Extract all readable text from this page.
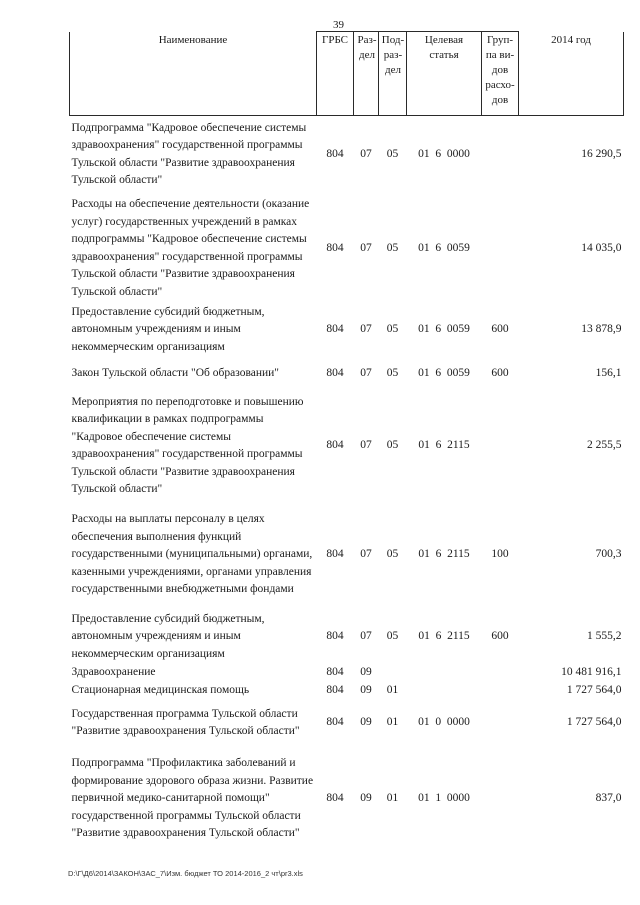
39
Наименование	ГРБС	Раз-дел	Под-раз-дел	Целевая статья	Груп-па ви-дов расхо-дов	2014 год
Подпрограмма "Кадровое обеспечение системы здравоохранения" государственной программы Тульской области "Развитие здравоохранения Тульской области"	804	07	05	01  6  0000		16 290,5
Расходы на обеспечение деятельности (оказание услуг) государственных учреждений в рамках подпрограммы "Кадровое обеспечение системы здравоохранения" государственной программы Тульской области "Развитие здравоохранения Тульской области"	804	07	05	01  6  0059		14 035,0
Предоставление субсидий бюджетным, автономным учреждениям и иным некоммерческим организациям	804	07	05	01  6  0059	600	13 878,9
Закон Тульской области "Об образовании"	804	07	05	01  6  0059	600	156,1
Мероприятия по переподготовке и повышению квалификации в рамках подпрограммы "Кадровое обеспечение системы здравоохранения" государственной программы Тульской области "Развитие здравоохранения Тульской области"	804	07	05	01  6  2115		2 255,5
Расходы на выплаты персоналу в целях обеспечения выполнения функций государственными (муниципальными) органами, казенными учреждениями, органами управления государственными внебюджетными фондами	804	07	05	01  6  2115	100	700,3
Предоставление субсидий бюджетным, автономным учреждениям и иным некоммерческим организациям	804	07	05	01  6  2115	600	1 555,2
Здравоохранение	804	09				10 481 916,1
Стационарная медицинская помощь	804	09	01			1 727 564,0
Государственная программа Тульской области "Развитие здравоохранения Тульской области"	804	09	01	01  0  0000		1 727 564,0
Подпрограмма "Профилактика заболеваний и формирование здорового образа жизни. Развитие первичной медико-санитарной помощи" государственной программы Тульской области "Развитие здравоохранения Тульской области"	804	09	01	01  1  0000		837,0
D:\Г\Д6\2014\ЗАКОН\ЗАС_7\Изм. бюджет ТО 2014-2016_2 чт\pr3.xls
